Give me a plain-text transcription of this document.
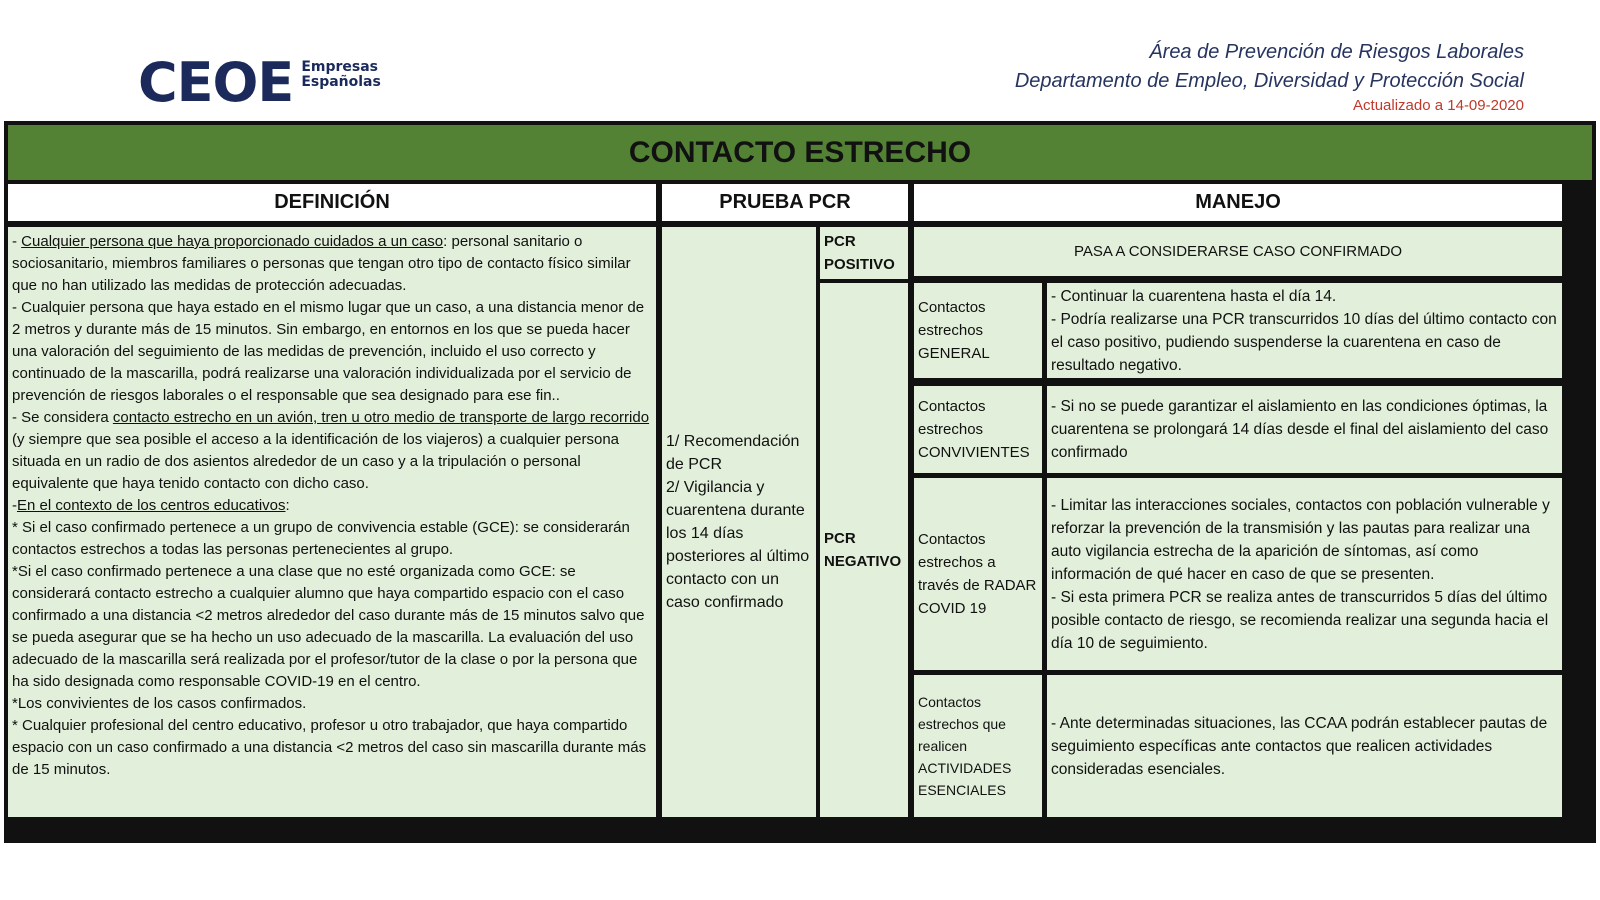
CEOE Empresas
Españolas
Área de Prevención de Riesgos Laborales
Departamento de Empleo, Diversidad y Protección Social
Actualizado a 14-09-2020
CONTACTO ESTRECHO
DEFINICIÓN	PRUEBA PCR	MANEJO

- Cualquier persona que haya proporcionado cuidados a un caso: personal sanitario o sociosanitario, miembros familiares o personas que tengan otro tipo de contacto físico similar que no han utilizado las medidas de protección adecuadas.

- Cualquier persona que haya estado en el mismo lugar que un caso, a una distancia menor de 2 metros y durante más de 15 minutos. Sin embargo, en entornos en los que se pueda hacer una valoración del seguimiento de las medidas de prevención, incluido el uso correcto y continuado de la mascarilla, podrá realizarse una valoración individualizada por el servicio de prevención de riesgos laborales o el responsable que sea designado para ese fin..

- Se considera contacto estrecho en un avión, tren u otro medio de transporte de largo recorrido (y siempre que sea posible el acceso a la identificación de los viajeros) a cualquier persona situada en un radio de dos asientos alrededor de un caso y a la tripulación o personal equivalente que haya tenido contacto con dicho caso.

-En el contexto de los centros educativos:

* Si el caso confirmado pertenece a un grupo de convivencia estable (GCE): se considerarán contactos estrechos a todas las personas pertenecientes al grupo.

*Si el caso confirmado pertenece a una clase que no esté organizada como GCE: se considerará contacto estrecho a cualquier alumno que haya compartido espacio con el caso confirmado a una distancia <2 metros alrededor del caso durante más de 15 minutos salvo que se pueda asegurar que se ha hecho un uso adecuado de la mascarilla. La evaluación del uso adecuado de la mascarilla será realizada por el profesor/tutor de la clase o por la persona que ha sido designada como responsable COVID-19 en el centro.

*Los convivientes de los casos confirmados.

* Cualquier profesional del centro educativo, profesor u otro trabajador, que haya compartido espacio con un caso confirmado a una distancia <2 metros del caso sin mascarilla durante más de 15 minutos.

1/ Recomendación de PCR
2/ Vigilancia y cuarentena durante los 14 días posteriores al último contacto con un caso confirmado
PCR
POSITIVO
PCR
NEGATIVO
PASA A CONSIDERARSE CASO CONFIRMADO
Contactos estrechos GENERAL
- Continuar la cuarentena hasta el día 14.
- Podría realizarse una PCR transcurridos 10 días del último contacto con el caso positivo, pudiendo suspenderse la cuarentena en caso de resultado negativo.
Contactos estrechos CONVIVIENTES
- Si no se puede garantizar el aislamiento en las condiciones óptimas, la cuarentena se prolongará 14 días desde el final del aislamiento del caso confirmado
Contactos estrechos a través de RADAR COVID 19
- Limitar las interacciones sociales, contactos con población vulnerable y reforzar la prevención de la transmisión y las pautas para realizar una auto vigilancia estrecha de la aparición de síntomas, así como información de qué hacer en caso de que se presenten.
- Si esta primera PCR se realiza antes de transcurridos 5 días del último posible contacto de riesgo, se recomienda realizar una segunda hacia el día 10 de seguimiento.
Contactos estrechos que realicen ACTIVIDADES ESENCIALES
- Ante determinadas situaciones, las CCAA podrán establecer pautas de seguimiento específicas ante contactos que realicen actividades consideradas esenciales.
